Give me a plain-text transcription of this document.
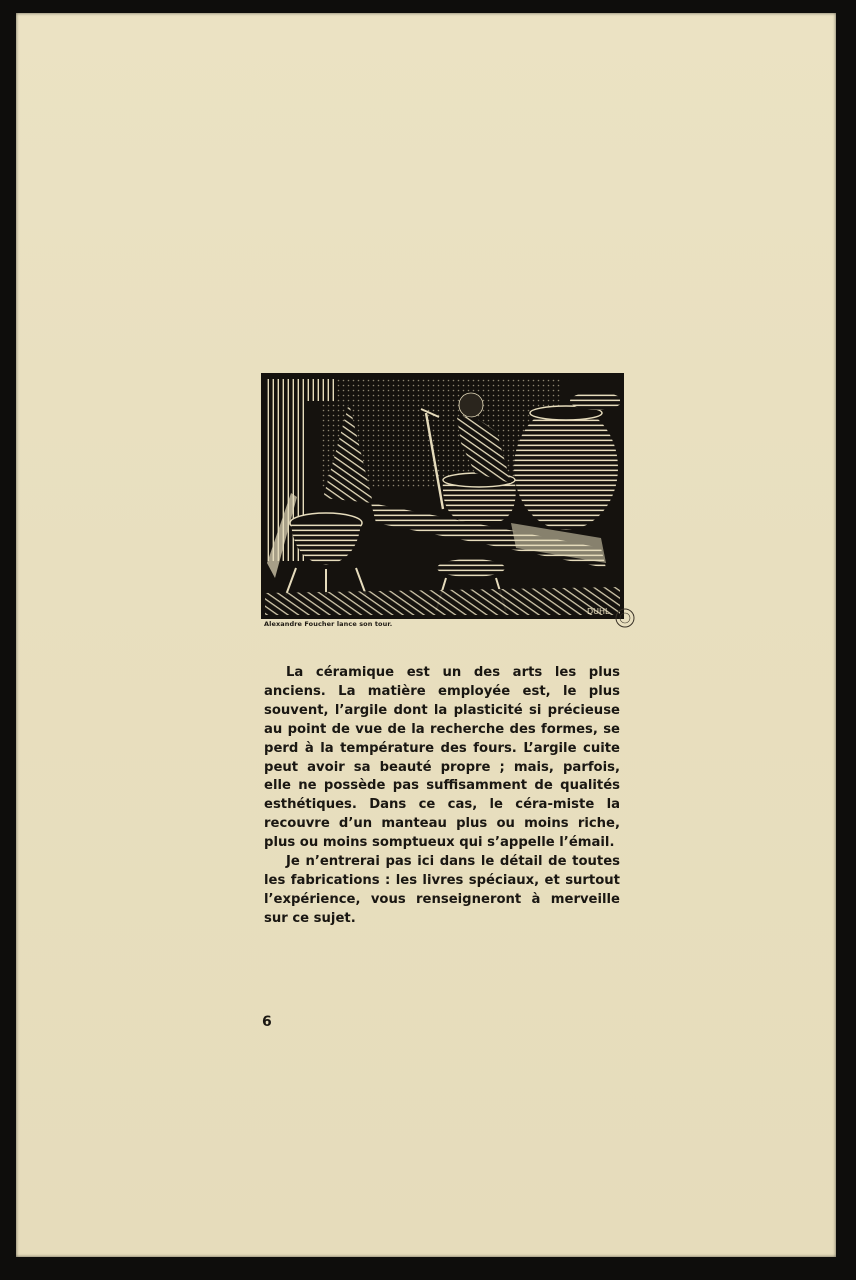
DUHL
Alexandre Foucher lance son tour.

La céramique est un des arts les plus anciens. La matière employée est, le plus souvent, l’argile dont la plasticité si précieuse au point de vue de la recherche des formes, se perd à la température des fours. L’argile cuite peut avoir sa beauté propre ; mais, parfois, elle ne possède pas suffisamment de qualités esthétiques. Dans ce cas, le céra-miste la recouvre d’un manteau plus ou moins riche, plus ou moins somptueux qui s’appelle l’émail.

Je n’entrerai pas ici dans le détail de toutes les fabrications : les livres spéciaux, et surtout l’expérience, vous renseigneront à merveille sur ce sujet.

6
